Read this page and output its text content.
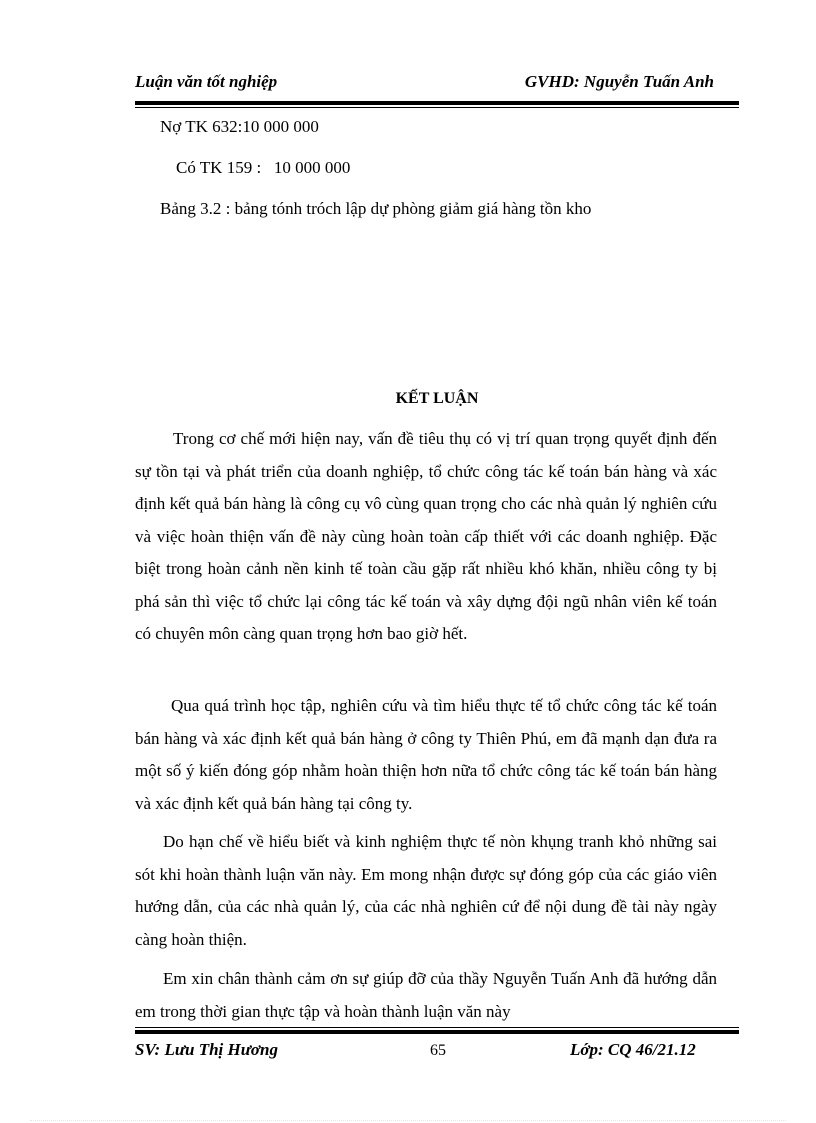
Luận văn tốt nghiệp	GVHD: Nguyễn Tuấn Anh
Nợ TK 632:10 000 000
Có TK 159 :   10 000 000
Bảng 3.2 : bảng tónh tróch lập dự phòng giảm giá hàng tồn kho
KẾT LUẬN
Trong cơ chế mới hiện nay, vấn đề tiêu thụ có vị trí quan trọng quyết định đến sự tồn tại và phát triển của doanh nghiệp, tổ chức công tác kế toán bán hàng và xác định kết quả bán hàng là công cụ vô cùng quan trọng cho các nhà quản lý nghiên cứu và việc hoàn thiện vấn đề này cùng hoàn toàn cấp thiết với các doanh nghiệp. Đặc biệt trong hoàn cảnh nền kinh tế toàn cầu gặp rất nhiều khó khăn, nhiều công ty bị phá sản thì việc tổ chức lại công tác kế toán và xây dựng đội ngũ nhân viên kế toán có chuyên môn càng quan trọng hơn bao giờ hết.
Qua quá trình học tập, nghiên cứu và tìm hiểu thực tế tổ chức công tác kế toán bán hàng và xác định kết quả bán hàng ở công ty Thiên Phú, em đã mạnh dạn đưa ra một số ý kiến đóng góp nhằm hoàn thiện hơn nữa tổ chức công tác kế toán bán hàng và xác định kết quả bán hàng tại công ty.
Do hạn chế về hiểu biết và kinh nghiệm thực tế nòn khụng tranh khỏ những sai sót khi hoàn thành luận văn này. Em mong nhận được sự đóng góp của các giáo viên hướng dẫn, của các nhà quản lý, của các nhà nghiên cứ để nội dung đề tài này ngày càng hoàn thiện.
Em xin chân thành cảm ơn sự giúp đỡ của thầy Nguyễn Tuấn Anh đã hướng dẫn em trong thời gian thực tập và hoàn thành luận văn này
SV: Lưu Thị Hương	65	Lớp: CQ 46/21.12
